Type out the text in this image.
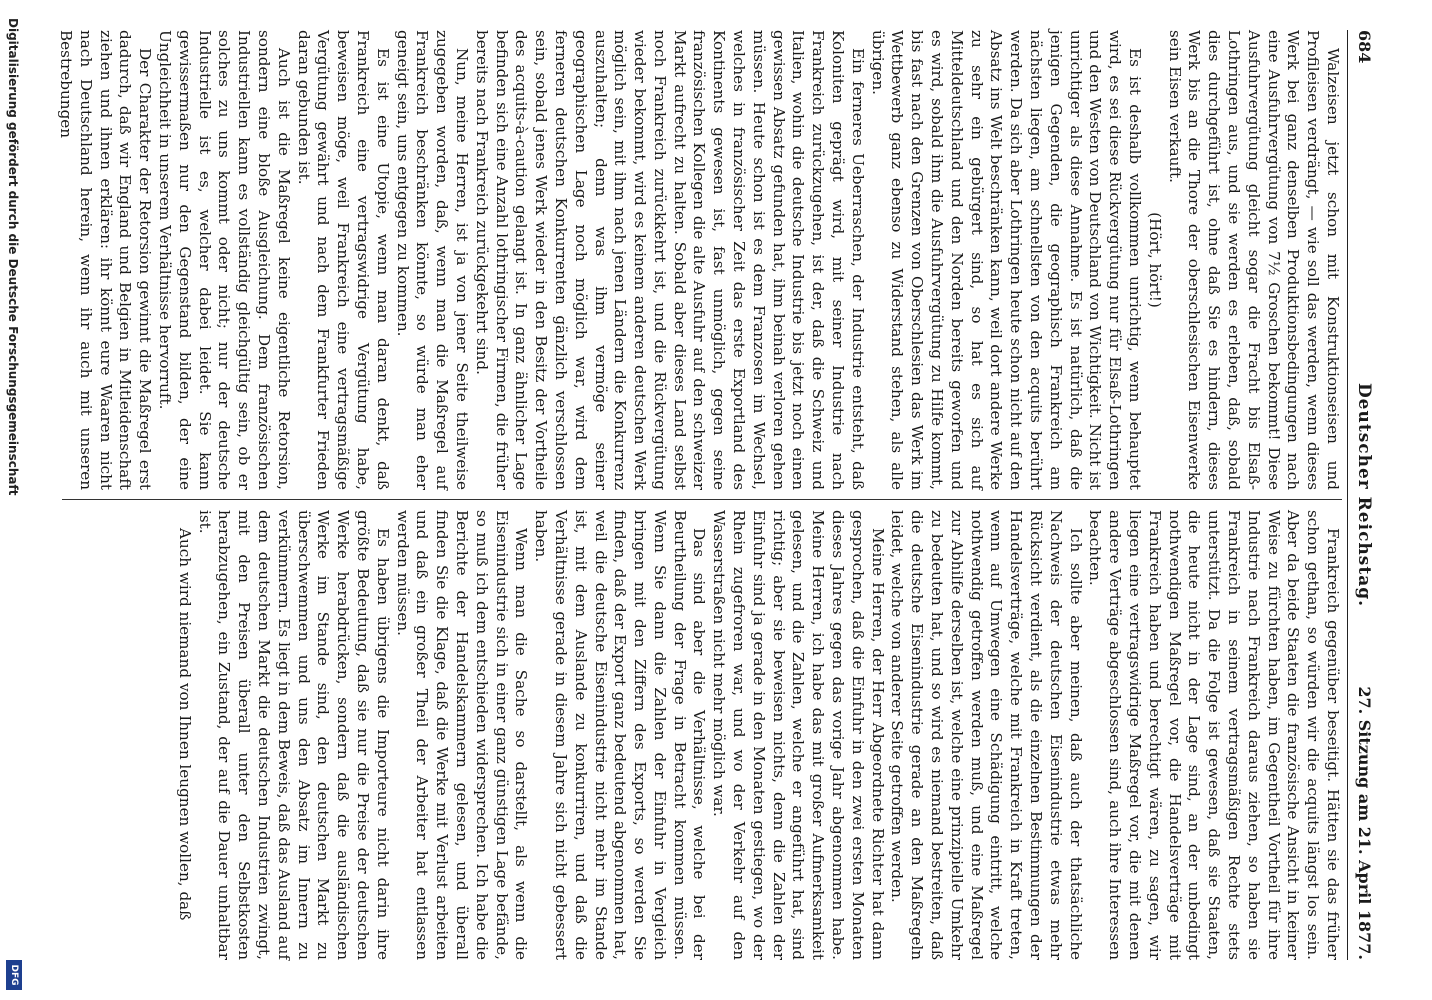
684
Deutscher Reichstag.
27. Sitzung am 21. April 1877.

Walzeisen jetzt schon mit Konstruktionseisen und Profileisen verdrängt, — wie soll das werden, wenn dieses Werk bei ganz denselben Produktionsbedingungen nach eine Ausfuhrvergütung von 7½ Groschen bekommt! Diese Ausfuhrvergütung gleicht sogar die Fracht bis Elsaß-Lothringen aus, und sie werden es erleben, daß, sobald dies durchgeführt ist, ohne daß Sie es hindern, dieses Werk bis an die Thore der oberschlesischen Eisenwerke sein Eisen verkauft.

(Hört, hört!)

Es ist deshalb vollkommen unrichtig, wenn behauptet wird, es sei diese Rückvergütung nur für Elsaß-Lothringen und den Westen von Deutschland von Wichtigkeit. Nicht ist unrichtiger als diese Annahme. Es ist natürlich, daß die jenigen Gegenden, die geographisch Frankreich am nächsten liegen, am schnellsten von den acquits berührt werden. Da sich aber Lothringen heute schon nicht auf den Absatz ins Welt beschränken kann, weil dort andere Werke zu sehr ein gebürgert sind, so hat es sich auf Mitteldeutschland und den Norden bereits geworfen und es wird, sobald ihm die Ausfuhrvergütung zu Hilfe kommt, bis fast nach den Grenzen von Oberschlesien das Werk im Wettbewerb ganz ebenso zu Widerstand stehen, als alle übrigen.

Ein ferneres Ueberraschen, der Industrie entsteht, daß Koloniten geprägt wird, mit seiner Industrie nach Frankreich zurückzugehen, ist der, daß die Schweiz und Italien, wohin die deutsche Industrie bis jetzt noch einen gewissen Absatz gefunden hat, ihm beinah verloren gehen müssen. Heute schon ist es dem Franzosen im Wechsel, welches in französischer Zeit das erste Exportland des Kontinents gewesen ist, fast unmöglich, gegen seine französischen Kollegen die alte Ausfuhr auf den schweizer Markt aufrecht zu halten. Sobald aber dieses Land selbst noch Frankreich zurückkehrt ist, und die Rückvergütung wieder bekommt, wird es keinem anderen deutschen Werk möglich sein, mit ihm nach jenen Ländern die Konkurrenz auszuhalten; denn was ihm vermöge seiner geographischen Lage noch möglich war, wird dem ferneren deutschen Konkurrenten gänzlich verschlossen sein, sobald jenes Werk wieder in den Besitz der Vortheile des acquits-à-caution gelangt ist. In ganz ähnlicher Lage befinden sich eine Anzahl lothringischer Firmen, die früher bereits nach Frankreich zurückgekehrt sind.

Nun, meine Herren, ist ja von jener Seite theilweise zugegeben worden, daß, wenn man die Maßregel auf Frankreich beschränken könnte, so würde man eher geneigt sein, uns entgegen zu kommen.

Es ist eine Utopie, wenn man daran denkt, daß Frankreich eine vertragswidrige Vergütung habe, beweisen möge, weil Frankreich eine vertragsmäßige Vergütung gewährt und nach dem Frankfurter Frieden daran gebunden ist.

Auch ist die Maßregel keine eigentliche Retorsion, sondern eine bloße Ausgleichung. Dem französischen Industriellen kann es vollständig gleichgültig sein, ob er solches zu uns kommt oder nicht; nur der deutsche Industrielle ist es, welcher dabei leidet. Sie kann gewissermaßen nur den Gegenstand bilden, der eine Ungleichheit in unserem Verhältnisse hervorruft.

Der Charakter der Retorsion gewinnt die Maßregel erst dadurch, daß wir England und Belgien in Mitleidenschaft ziehen und ihnen erklären: ihr könnt eure Waaren nicht nach Deutschland herein, wenn ihr auch mit unseren Bestrebungen

Frankreich gegenüber beseitigt. Hätten sie das früher schon gethan, so würden wir die acquits längst los sein. Aber da beide Staaten die französische Ansicht in keiner Weise zu fürchten haben, im Gegentheil Vortheil für ihre Industrie nach Frankreich daraus ziehen, so haben sie Frankreich in seinem vertragsmäßigen Rechte stets unterstützt. Da die Folge ist gewesen, daß sie Staaten, die heute nicht in der Lage sind, an der unbedingt nothwendigen Maßregel vor, die Handelsverträge mit Frankreich haben und berechtigt wären, zu sagen, wir liegen eine vertragswidrige Maßregel vor, die mit denen andere Verträge abgeschlossen sind, auch ihre Interessen beachten.

Ich sollte aber meinen, daß auch der thatsächliche Nachweis der deutschen Eisenindustrie etwas mehr Rücksicht verdient, als die einzelnen Bestimmungen der Handelsverträge, welche mit Frankreich in Kraft treten, wenn auf Umwegen eine Schädigung eintritt, welche nothwendig getroffen werden muß, und eine Maßregel zur Abhilfe derselben ist, welche eine prinzipielle Umkehr zu bedeuten hat, und so wird es niemand bestreiten, daß die deutsche Eisenindustrie gerade an den Maßregeln leidet, welche von anderer Seite getroffen werden.

Meine Herren, der Herr Abgeordnete Richter hat dann gesprochen, daß die Einfuhr in den zwei ersten Monaten dieses Jahres gegen das vorige Jahr abgenommen habe. Meine Herren, ich habe das mit großer Aufmerksamkeit gelesen, und die Zahlen, welche er angeführt hat, sind richtig; aber sie beweisen nichts, denn die Zahlen der Einfuhr sind ja gerade in den Monaten gestiegen, wo der Rhein zugefroren war, und wo der Verkehr auf den Wasserstraßen nicht mehr möglich war.

Das sind aber die Verhältnisse, welche bei der Beurtheilung der Frage in Betracht kommen müssen. Wenn Sie dann die Zahlen der Einfuhr in Vergleich bringen mit den Ziffern des Exports, so werden Sie finden, daß der Export ganz bedeutend abgenommen hat, weil die deutsche Eisenindustrie nicht mehr im Stande ist, mit dem Auslande zu konkurriren, und daß die Verhältnisse gerade in diesem Jahre sich nicht gebessert haben.

Wenn man die Sache so darstellt, als wenn die Eisenindustrie sich in einer ganz günstigen Lage befände, so muß ich dem entschieden widersprechen. Ich habe die Berichte der Handelskammern gelesen, und überall finden Sie die Klage, daß die Werke mit Verlust arbeiten und daß ein großer Theil der Arbeiter hat entlassen werden müssen.

Es haben übrigens die Importeure nicht darin ihre größte Bedeutung, daß sie nur die Preise der deutschen Werke herabdrücken, sondern daß die ausländischen Werke im Stande sind, den deutschen Markt zu überschwemmen und uns den Absatz im Innern zu verkümmern. Es liegt in dem Beweis, daß das Ausland auf dem deutschen Markt die deutschen Industrien zwingt, mit den Preisen überall unter den Selbstkosten herabzugehen, ein Zustand, der auf die Dauer unhaltbar ist.

Auch wird niemand von Ihnen leugnen wollen, daß

Digitalisierung gefördert durch die Deutsche Forschungsgemeinschaft
DFG
